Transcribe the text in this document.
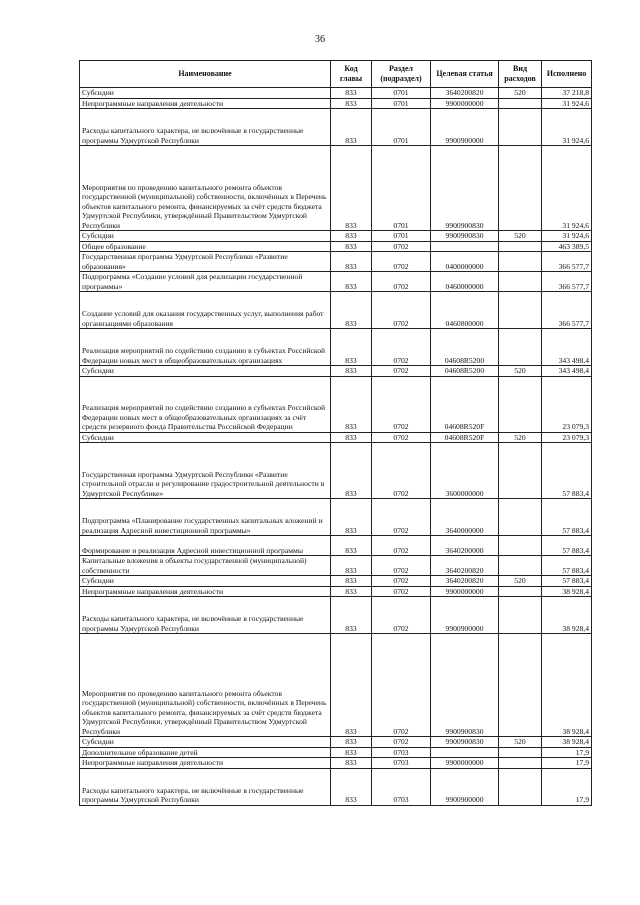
36
Наименование	Код главы	Раздел (подраздел)	Целевая статья	Вид расходов	Исполнено
Субсидии	833	0701	3640200820	520	37 218,8
Непрограммные направления деятельности	833	0701	9900000000		31 924,6
Расходы капитального характера, не включённые в государственные программы Удмуртской Республики	833	0701	9900900000		31 924,6
Мероприятия по проведению капитального ремонта объектов государственной (муниципальной) собственности, включённых в Перечень объектов капитального ремонта, финансируемых за счёт средств бюджета Удмуртской Республики, утверждённый Правительством Удмуртской Республики	833	0701	9900900830		31 924,6
Субсидии	833	0701	9900900830	520	31 924,6
Общее образование	833	0702			463 389,5
Государственная программа Удмуртской Республики «Развитие образования»	833	0702	0400000000		366 577,7
Подпрограмма «Создание условий для реализации государственной программы»	833	0702	0460000000		366 577,7
Создание условий для оказания государственных услуг, выполнения работ организациями образования	833	0702	0460800000		366 577,7
Реализация мероприятий по содействию созданию в субъектах Российской Федерации новых мест в общеобразовательных организациях	833	0702	04608R5200		343 498,4
Субсидии	833	0702	04608R5200	520	343 498,4
Реализация мероприятий по содействию созданию в субъектах Российской Федерации новых мест в общеобразовательных организациях за счёт средств резервного фонда Правительства Российской Федерации	833	0702	04608R520F		23 079,3
Субсидии	833	0702	04608R520F	520	23 079,3
Государственная программа Удмуртской Республики «Развитие строительной отрасли и регулирование градостроительной деятельности в Удмуртской Республике»	833	0702	3600000000		57 883,4
Подпрограмма «Планирование государственных капитальных вложений и реализация Адресной инвестиционной программы»	833	0702	3640000000		57 883,4
Формирование и реализация Адресной инвестиционной программы	833	0702	3640200000		57 883,4
Капитальные вложения в объекты государственной (муниципальной) собственности	833	0702	3640200820		57 883,4
Субсидии	833	0702	3640200820	520	57 883,4
Непрограммные направления деятельности	833	0702	9900000000		38 928,4
Расходы капитального характера, не включённые в государственные программы Удмуртской Республики	833	0702	9900900000		38 928,4
Мероприятия по проведению капитального ремонта объектов государственной (муниципальной) собственности, включённых в Перечень объектов капитального ремонта, финансируемых за счёт средств бюджета Удмуртской Республики, утверждённый Правительством Удмуртской Республики	833	0702	9900900830		38 928,4
Субсидии	833	0702	9900900830	520	38 928,4
Дополнительное образование детей	833	0703			17,9
Непрограммные направления деятельности	833	0703	9900000000		17,9
Расходы капитального характера, не включённые в государственные программы Удмуртской Республики	833	0703	9900900000		17,9
